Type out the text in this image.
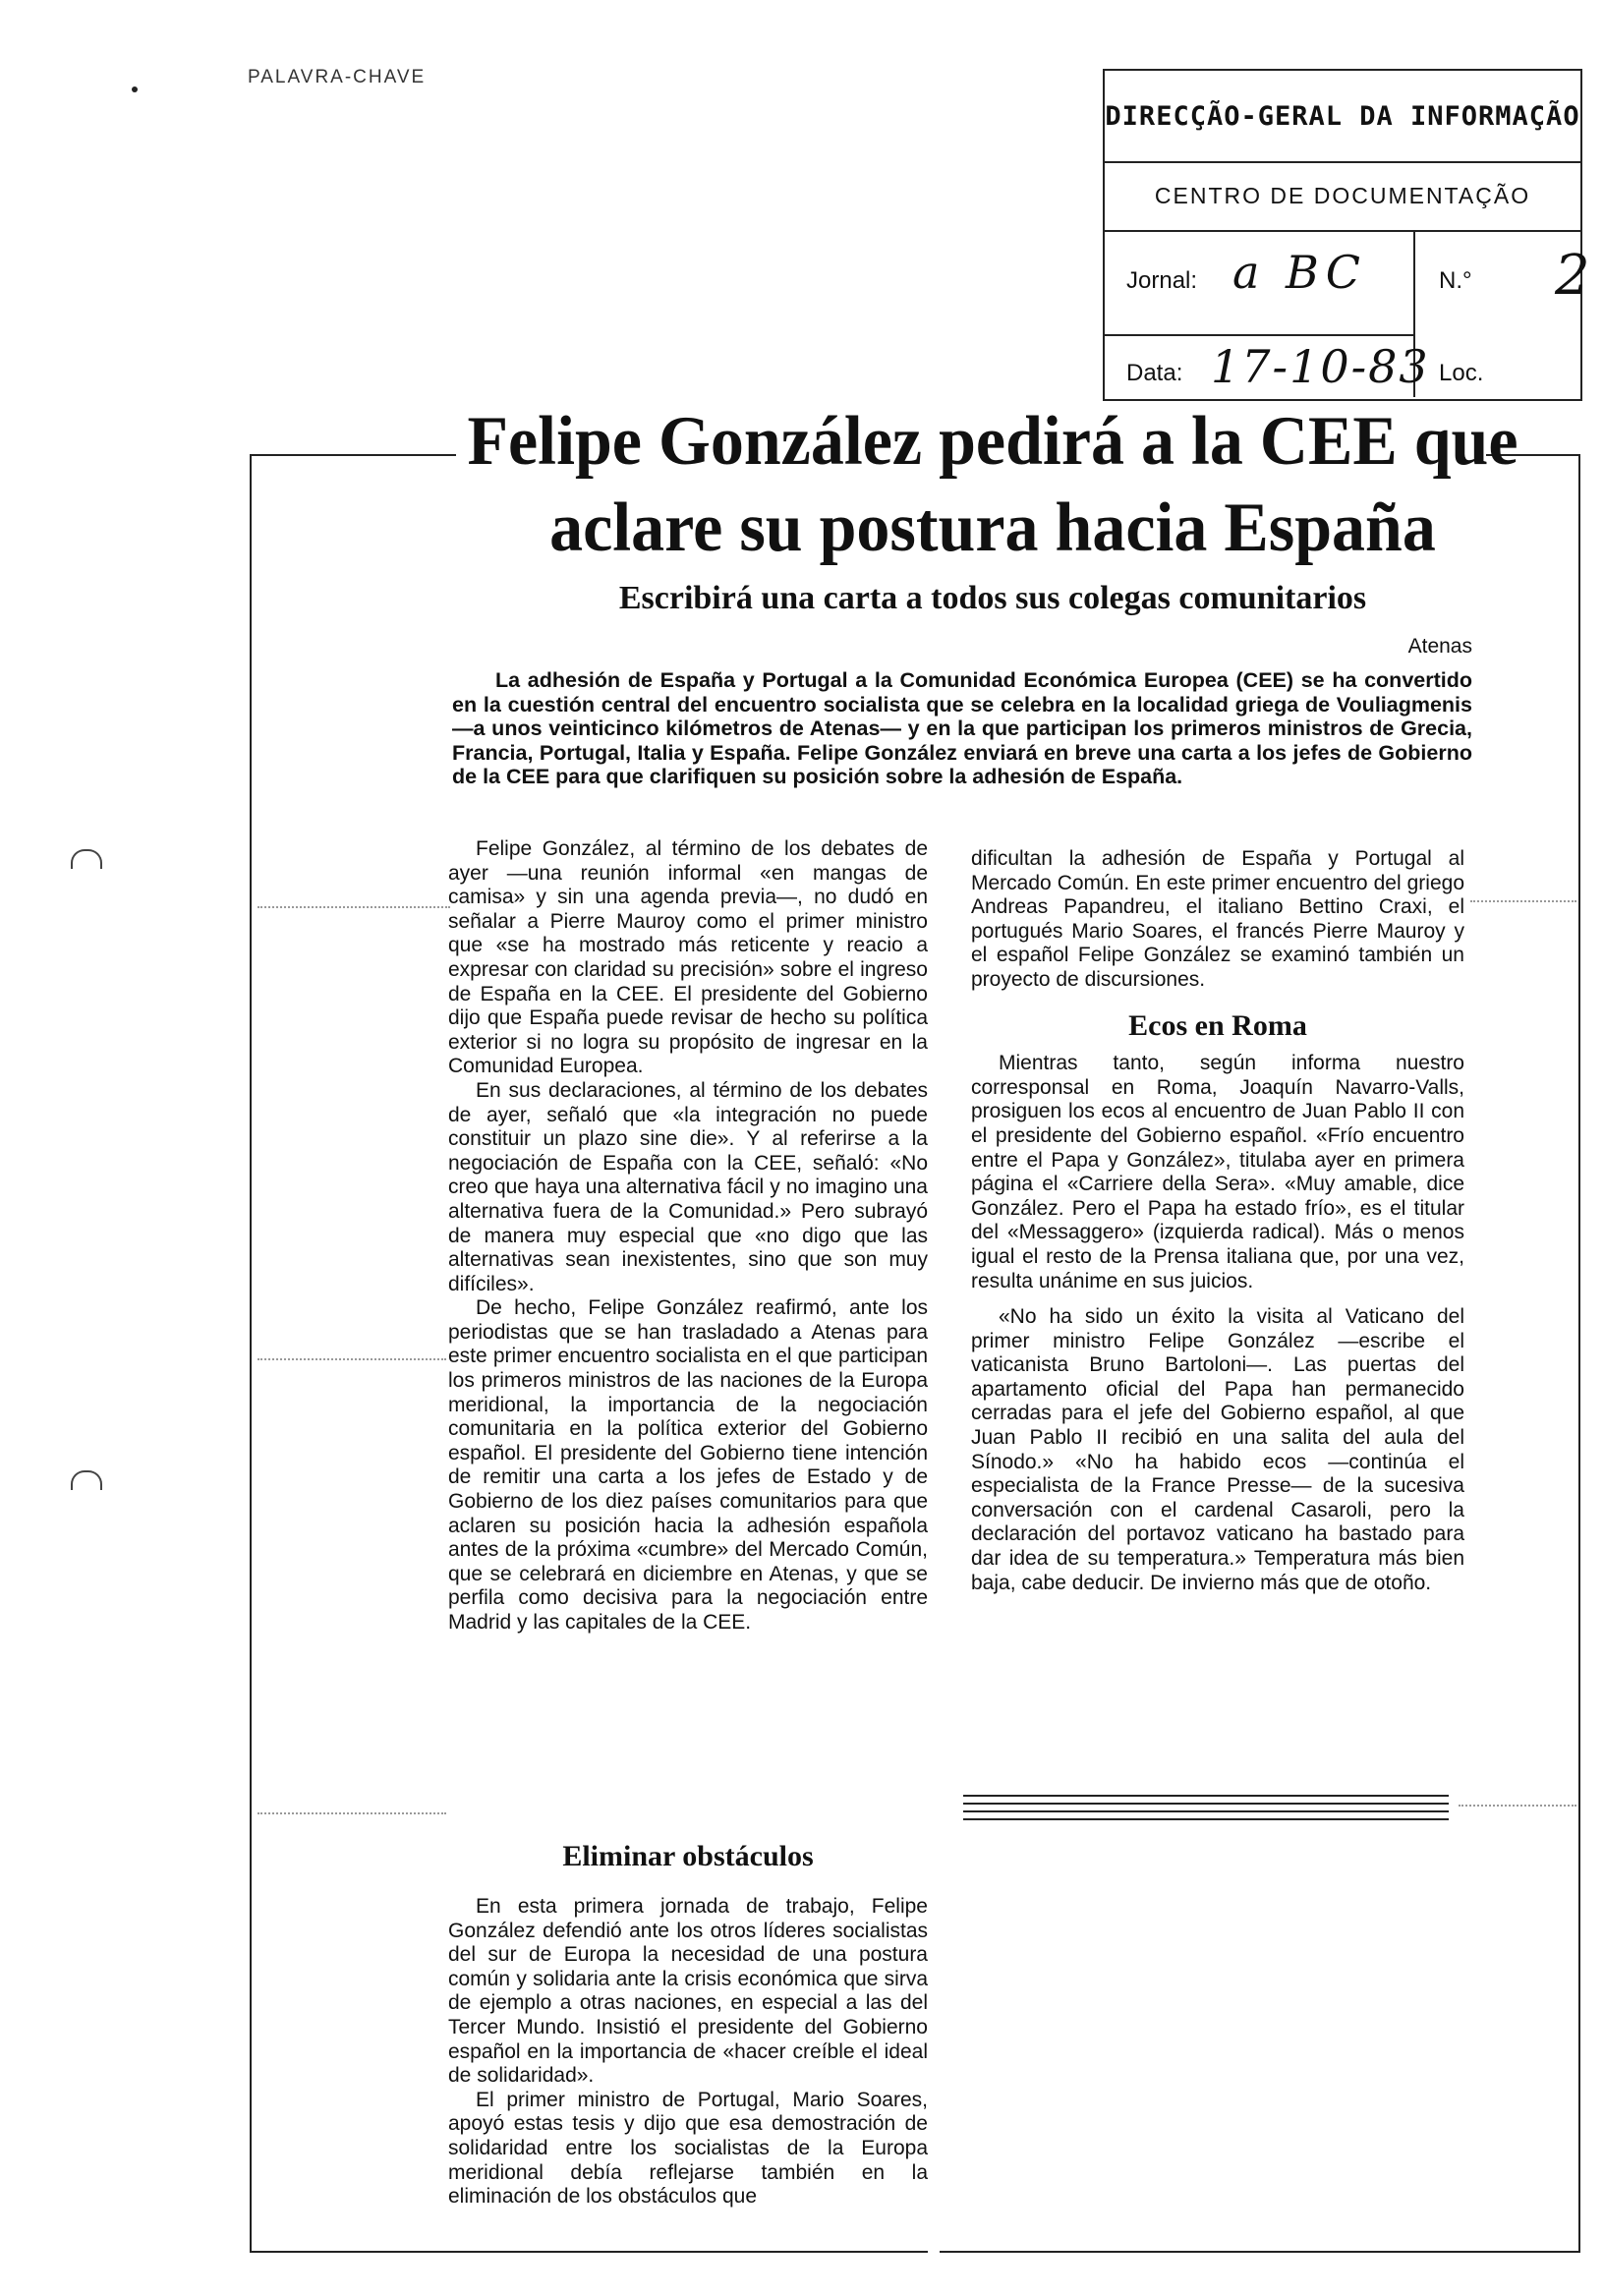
PALAVRA-CHAVE
DIRECÇÃO-GERAL DA INFORMAÇÃO
CENTRO DE DOCUMENTAÇÃO
Jornal: a BC	N.°
Data: 17-10-83 Loc.
2
Felipe González pedirá a la CEE que
aclare su postura hacia España
Escribirá una carta a todos sus colegas comunitarios
Atenas
La adhesión de España y Portugal a la Comunidad Económica Europea (CEE) se ha convertido en la cuestión central del encuentro socialista que se celebra en la localidad griega de Vouliagmenis —a unos veinticinco kilómetros de Atenas— y en la que participan los primeros ministros de Grecia, Francia, Portugal, Italia y España. Felipe González enviará en breve una carta a los jefes de Gobierno de la CEE para que clarifiquen su posición sobre la adhesión de España.

Felipe González, al término de los debates de ayer —una reunión informal «en mangas de camisa» y sin una agenda previa—, no dudó en señalar a Pierre Mauroy como el primer ministro que «se ha mostrado más reticente y reacio a expresar con claridad su precisión» sobre el ingreso de España en la CEE. El presidente del Gobierno dijo que España puede revisar de hecho su política exterior si no logra su propósito de ingresar en la Comunidad Europea.

En sus declaraciones, al término de los debates de ayer, señaló que «la integración no puede constituir un plazo sine die». Y al referirse a la negociación de España con la CEE, señaló: «No creo que haya una alternativa fácil y no imagino una alternativa fuera de la Comunidad.» Pero subrayó de manera muy especial que «no digo que las alternativas sean inexistentes, sino que son muy difíciles».

De hecho, Felipe González reafirmó, ante los periodistas que se han trasladado a Atenas para este primer encuentro socialista en el que participan los primeros ministros de las naciones de la Europa meridional, la importancia de la negociación comunitaria en la política exterior del Gobierno español. El presidente del Gobierno tiene intención de remitir una carta a los jefes de Estado y de Gobierno de los diez países comunitarios para que aclaren su posición hacia la adhesión española antes de la próxima «cumbre» del Mercado Común, que se celebrará en diciembre en Atenas, y que se perfila como decisiva para la negociación entre Madrid y las capitales de la CEE.

Eliminar obstáculos

En esta primera jornada de trabajo, Felipe González defendió ante los otros líderes socialistas del sur de Europa la necesidad de una postura común y solidaria ante la crisis económica que sirva de ejemplo a otras naciones, en especial a las del Tercer Mundo. Insistió el presidente del Gobierno español en la importancia de «hacer creíble el ideal de solidaridad».

El primer ministro de Portugal, Mario Soares, apoyó estas tesis y dijo que esa demostración de solidaridad entre los socialistas de la Europa meridional debía reflejarse también en la eliminación de los obstáculos que

dificultan la adhesión de España y Portugal al Mercado Común. En este primer encuentro del griego Andreas Papandreu, el italiano Bettino Craxi, el portugués Mario Soares, el francés Pierre Mauroy y el español Felipe González se examinó también un proyecto de discursiones.

Ecos en Roma

Mientras tanto, según informa nuestro corresponsal en Roma, Joaquín Navarro-Valls, prosiguen los ecos al encuentro de Juan Pablo II con el presidente del Gobierno español. «Frío encuentro entre el Papa y González», titulaba ayer en primera página el «Carriere della Sera». «Muy amable, dice González. Pero el Papa ha estado frío», es el titular del «Messaggero» (izquierda radical). Más o menos igual el resto de la Prensa italiana que, por una vez, resulta unánime en sus juicios.

«No ha sido un éxito la visita al Vaticano del primer ministro Felipe González —escribe el vaticanista Bruno Bartoloni—. Las puertas del apartamento oficial del Papa han permanecido cerradas para el jefe del Gobierno español, al que Juan Pablo II recibió en una salita del aula del Sínodo.» «No ha habido ecos —continúa el especialista de la France Presse— de la sucesiva conversación con el cardenal Casaroli, pero la declaración del portavoz vaticano ha bastado para dar idea de su temperatura.» Temperatura más bien baja, cabe deducir. De invierno más que de otoño.
